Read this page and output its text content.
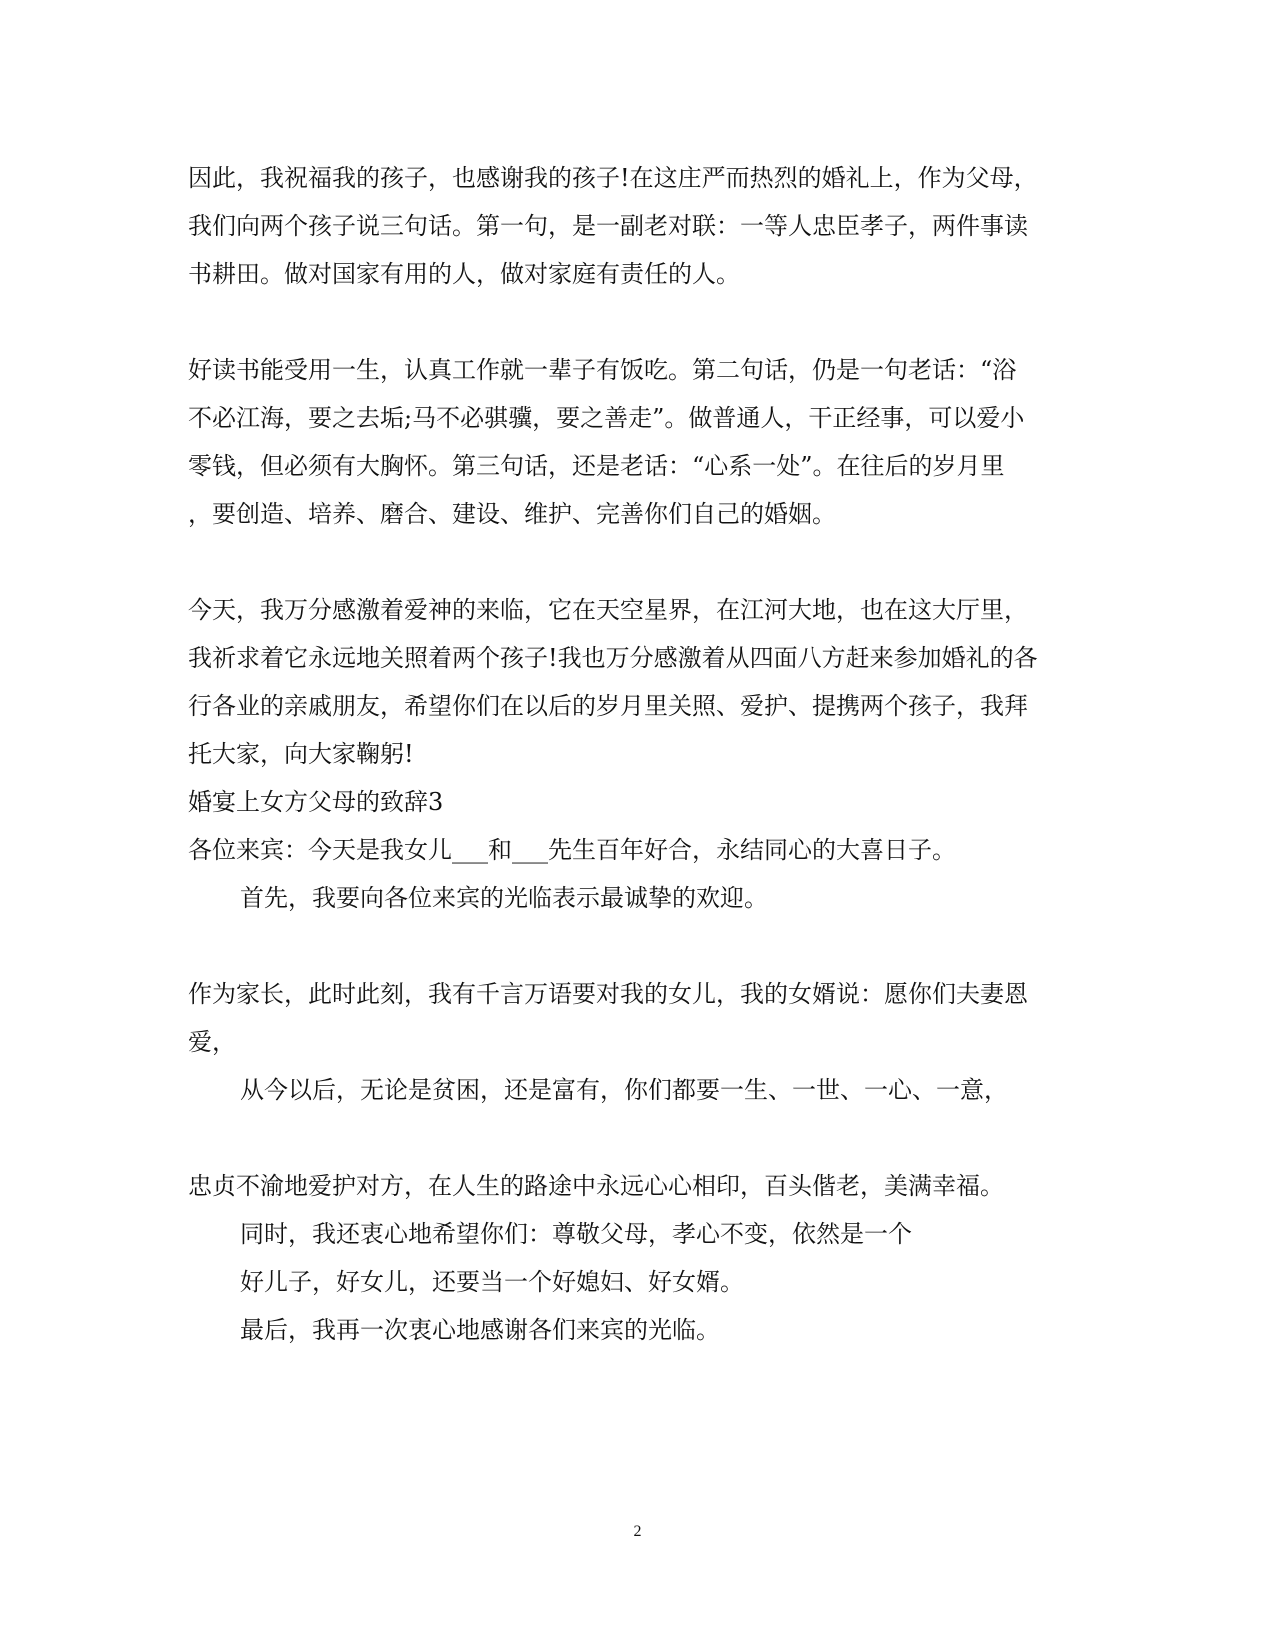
因此，我祝福我的孩子，也感谢我的孩子!在这庄严而热烈的婚礼上，作为父母，
我们向两个孩子说三句话。第一句，是一副老对联：一等人忠臣孝子，两件事读
书耕田。做对国家有用的人，做对家庭有责任的人。
好读书能受用一生，认真工作就一辈子有饭吃。第二句话，仍是一句老话：“浴
不必江海，要之去垢;马不必骐骥，要之善走”。做普通人，干正经事，可以爱小
零钱，但必须有大胸怀。第三句话，还是老话：“心系一处”。在往后的岁月里
，要创造、培养、磨合、建设、维护、完善你们自己的婚姻。
今天，我万分感激着爱神的来临，它在天空星界，在江河大地，也在这大厅里，
我祈求着它永远地关照着两个孩子!我也万分感激着从四面八方赶来参加婚礼的各
行各业的亲戚朋友，希望你们在以后的岁月里关照、爱护、提携两个孩子，我拜
托大家，向大家鞠躬!
婚宴上女方父母的致辞3
各位来宾：今天是我女儿___和___先生百年好合，永结同心的大喜日子。
首先，我要向各位来宾的光临表示最诚挚的欢迎。
作为家长，此时此刻，我有千言万语要对我的女儿，我的女婿说：愿你们夫妻恩
爱，
从今以后，无论是贫困，还是富有，你们都要一生、一世、一心、一意，
忠贞不渝地爱护对方，在人生的路途中永远心心相印，百头偕老，美满幸福。
同时，我还衷心地希望你们：尊敬父母，孝心不变，依然是一个
好儿子，好女儿，还要当一个好媳妇、好女婿。
最后，我再一次衷心地感谢各们来宾的光临。
2
